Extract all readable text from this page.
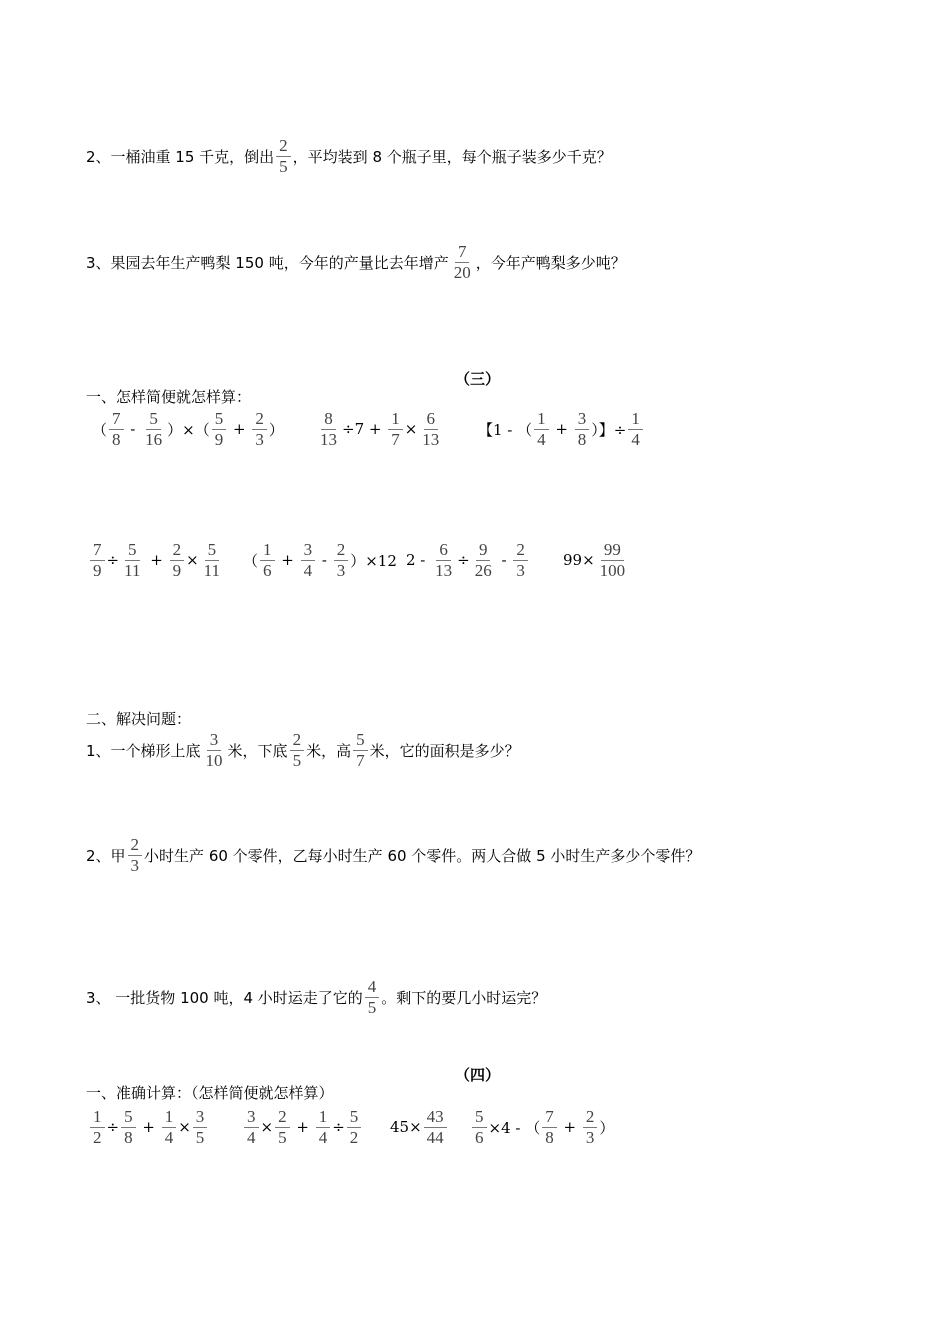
2、一桶油重 15 千克，倒出 $\frac{2}{5}$ ，平均装到 8 个瓶子里，每个瓶子装多少千克？
3、果园去年生产鸭梨 150 吨，今年的产量比去年增产 $\frac{7}{20}$ ，今年产鸭梨多少吨？
（三）
一、怎样简便就怎样算：
（ $\frac{7}{8} - \frac{5}{16}$ ）×（ $\frac{5}{9} + \frac{2}{3}$ ） $\frac{8}{13} \div 7 + \frac{1}{7} \times \frac{6}{13}$ 【1 - （ $\frac{1}{4} + \frac{3}{8}$ ）】÷ $\frac{1}{4}$
$\frac{7}{9} \div \frac{5}{11} + \frac{2}{9} \times \frac{5}{11}$ （ $\frac{1}{6} + \frac{3}{4} - \frac{2}{3} )\times 12$ $2 - \frac{6}{13} \div \frac{9}{26} - \frac{2}{3} 99\times \frac{99}{100}$
二、解决问题：
1、一个梯形上底 $\frac{3}{10}$ 米，下底 $\frac{2}{5}$ 米，高 $\frac{5}{7}$ 米，它的面积是多少？
2、甲 $\frac{2}{3}$ 小时生产 60 个零件，乙每小时生产 60 个零件。两人合做 5 小时生产多少个零件？
3、 一批货物 100 吨，4 小时运走了它的 $\frac{4}{5}$ 。剩下的要几小时运完？
（四）
一、准确计算：（怎样简便就怎样算）
$\frac{1}{2} \div \frac{5}{8} + \frac{1}{4} \times \frac{3}{5} \frac{3}{4} \times \frac{2}{5} + \frac{1}{4} \div \frac{5}{2} 45\times \frac{43}{44} \frac{5}{6} \times 4$ - （ $\frac{7}{8} + \frac{2}{3}$ ）
